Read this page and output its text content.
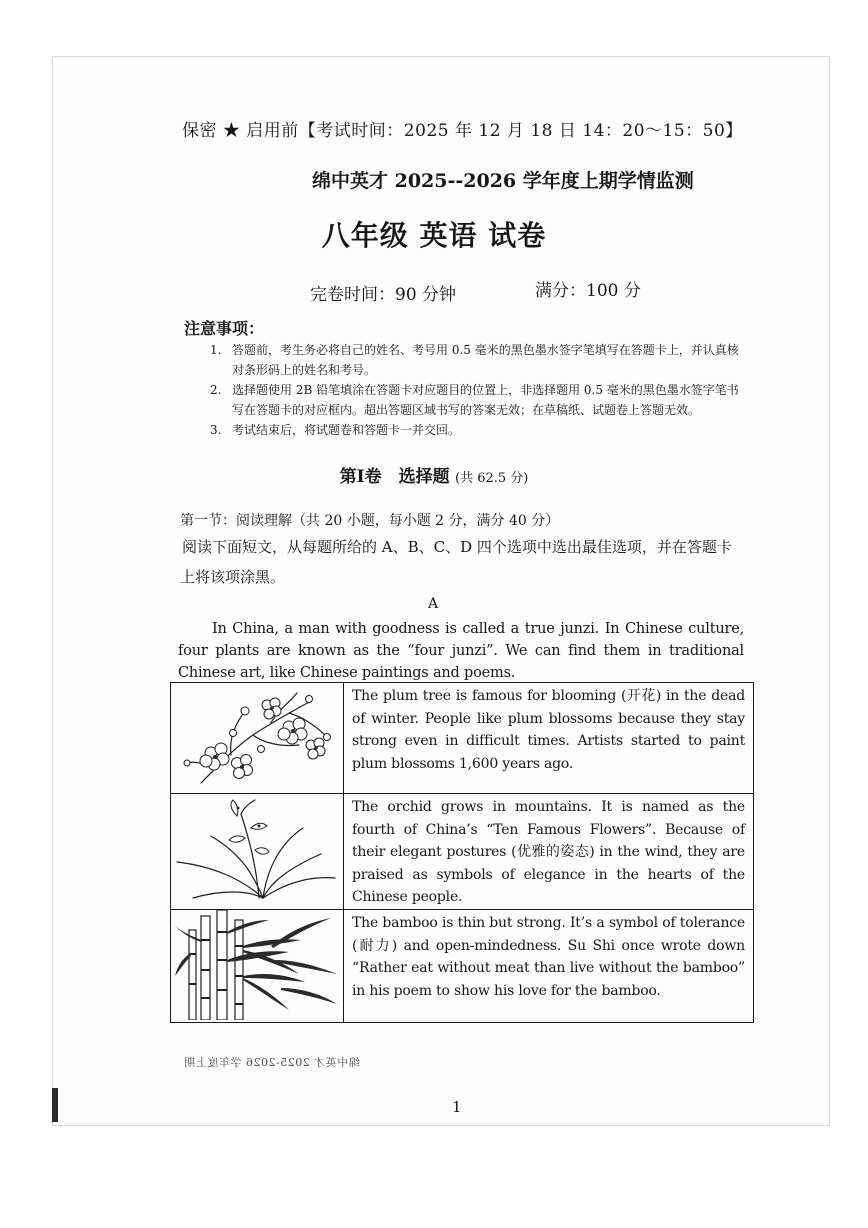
保密 ★ 启用前【考试时间：2025 年 12 月 18 日 14：20～15：50】
绵中英才 2025--2026 学年度上期学情监测
八年级 英语 试卷
完卷时间：90 分钟	满分：100 分
注意事项：
1. 答题前，考生务必将自己的姓名、考号用 0.5 毫米的黑色墨水签字笔填写在答题卡上，并认真核对条形码上的姓名和考号。
2. 选择题使用 2B 铅笔填涂在答题卡对应题目的位置上，非选择题用 0.5 毫米的黑色墨水签字笔书写在答题卡的对应框内。超出答题区域书写的答案无效；在草稿纸、试题卷上答题无效。
3. 考试结束后，将试题卷和答题卡一并交回。
第Ⅰ卷　选择题 (共 62.5 分)
第一节：阅读理解（共 20 小题，每小题 2 分，满分 40 分）
阅读下面短文，从每题所给的 A、B、C、D 四个选项中选出最佳选项，并在答题卡上将该项涂黑。
A
In China, a man with goodness is called a true junzi. In Chinese culture, four plants are known as the “four junzi”. We can find them in traditional Chinese art, like Chinese paintings and poems.
	The plum tree is famous for blooming (开花) in the dead of winter. People like plum blossoms because they stay strong even in difficult times. Artists started to paint plum blossoms 1,600 years ago.

	The orchid grows in mountains. It is named as the fourth of China’s “Ten Famous Flowers”. Because of their elegant postures (优雅的姿态) in the wind, they are praised as symbols of elegance in the hearts of the Chinese people.

	The bamboo is thin but strong. It’s a symbol of tolerance (耐力) and open-mindedness. Su Shi once wrote down “Rather eat without meat than live without the bamboo” in his poem to show his love for the bamboo.
绵中英才 2025-2026 学年度上期
1
